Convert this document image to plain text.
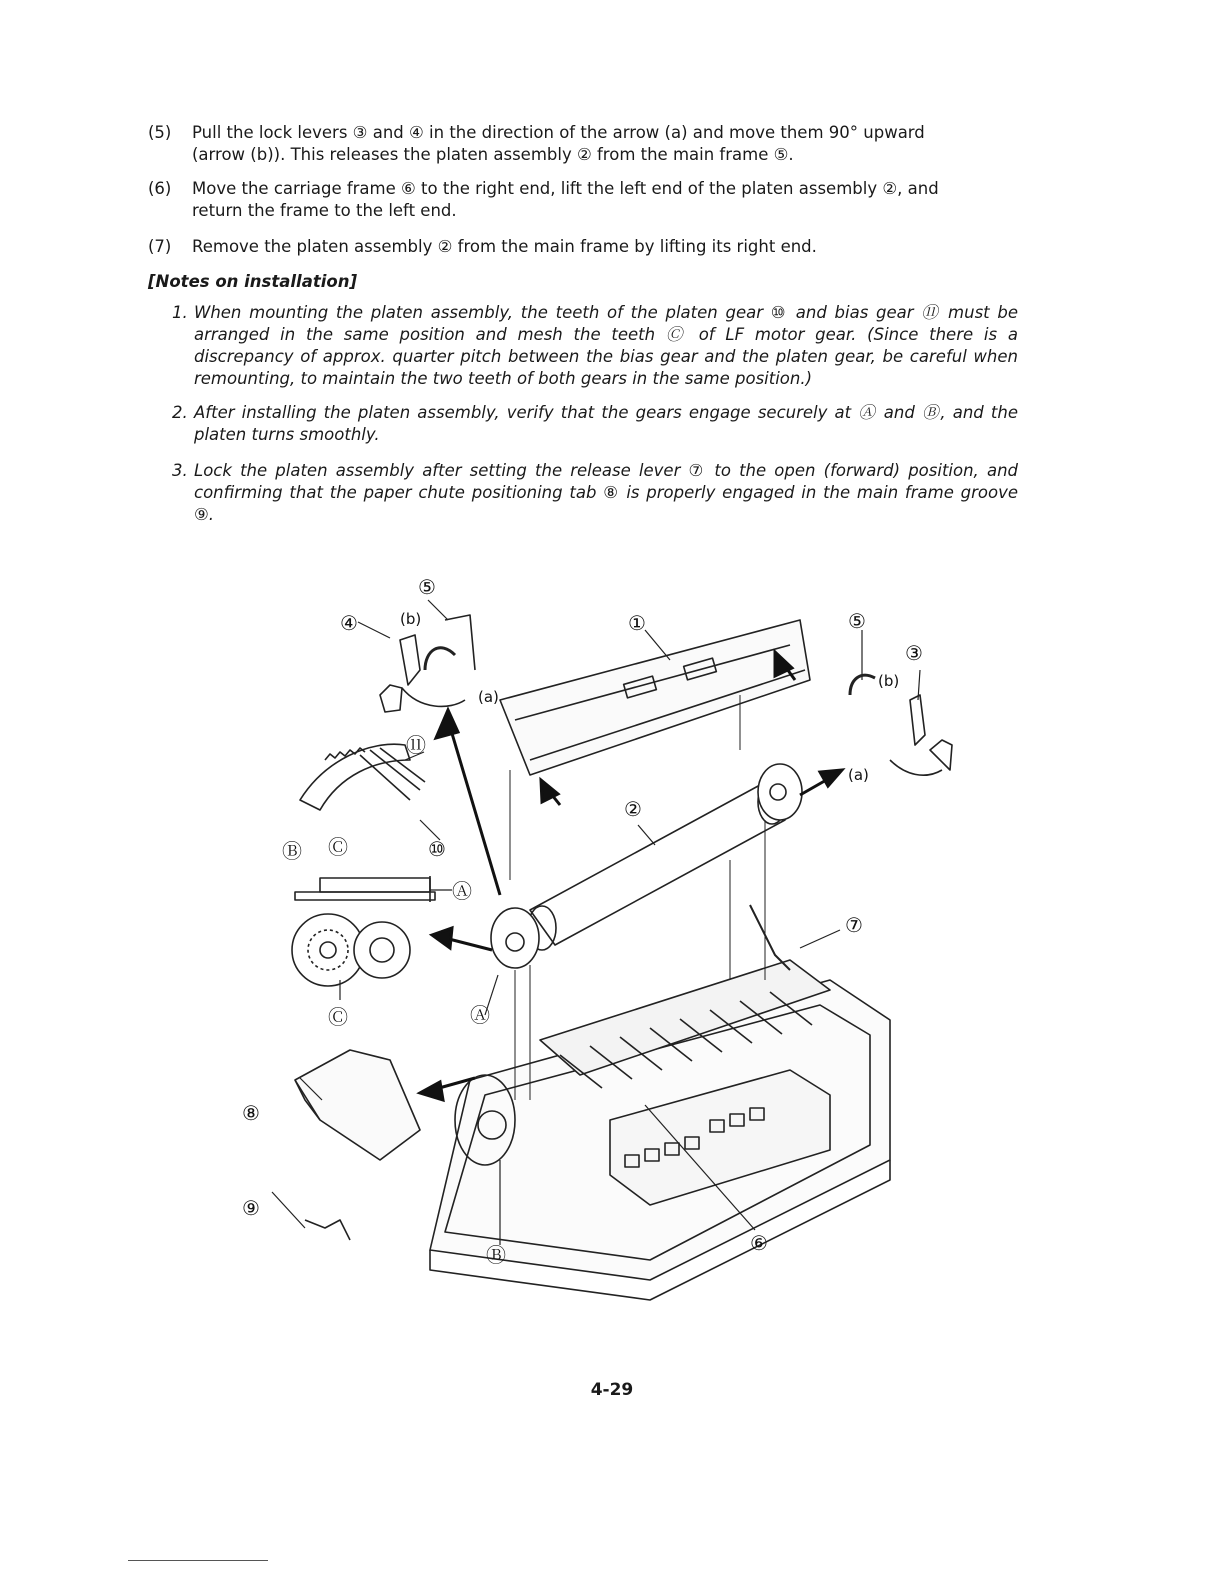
(5) Pull the lock levers ③ and ④ in the direction of the arrow (a) and move them 90° upward
(arrow (b)). This releases the platen assembly ② from the main frame ⑤.
(6) Move the carriage frame ⑥ to the right end, lift the left end of the platen assembly ②, and
return the frame to the left end.
(7) Remove the platen assembly ② from the main frame by lifting its right end.
[Notes on installation]
1. When mounting the platen assembly, the teeth of the platen gear ⑩ and bias gear ⑪ must be arranged in the same position and mesh the teeth Ⓒ of LF motor gear. (Since there is a discrepancy of approx. quarter pitch between the bias gear and the platen gear, be careful when remounting, to maintain the two teeth of both gears in the same position.)
2. After installing the platen assembly, verify that the gears engage securely at Ⓐ and Ⓑ, and the platen turns smoothly.
3. Lock the platen assembly after setting the release lever ⑦ to the open (forward) position, and confirming that the paper chute positioning tab ⑧ is properly engaged in the main frame groove ⑨.
⑤
④	(b)
(a)
①	⑤
③
(b)
(a)
⑪
②
⑩
Ⓑ Ⓒ
Ⓐ
⑦
Ⓒ	Ⓐ
⑧
⑨
Ⓑ	⑥
4-29
